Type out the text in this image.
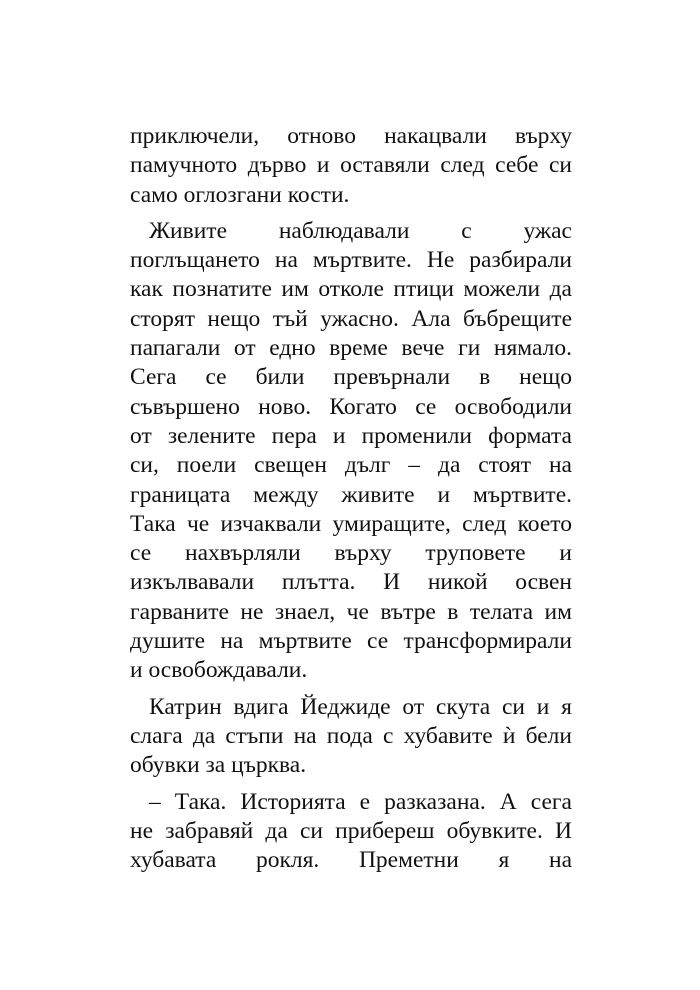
приключели, отново накацвали върху
памучното дърво и оставяли след себе си
само оглозгани кости.
Живите наблюдавали с ужас
поглъщането на мъртвите. Не разбирали
как познатите им отколе птици можели да
сторят нещо тъй ужасно. Ала бъбрещите
папагали от едно време вече ги нямало.
Сега се били превърнали в нещо
съвършено ново. Когато се освободили
от зелените пера и променили формата
си, поели свещен дълг – да стоят на
границата между живите и мъртвите.
Така че изчаквали умиращите, след което
се нахвърляли върху труповете и
изкълвавали плътта. И никой освен
гарваните не знаел, че вътре в телата им
душите на мъртвите се трансформирали
и освобождавали.
Катрин вдига Йеджиде от скута си и я
слага да стъпи на пода с хубавите ѝ бели
обувки за църква.
– Така. Историята е разказана. А сега
не забравяй да си прибереш обувките. И
хубавата рокля. Преметни я на
